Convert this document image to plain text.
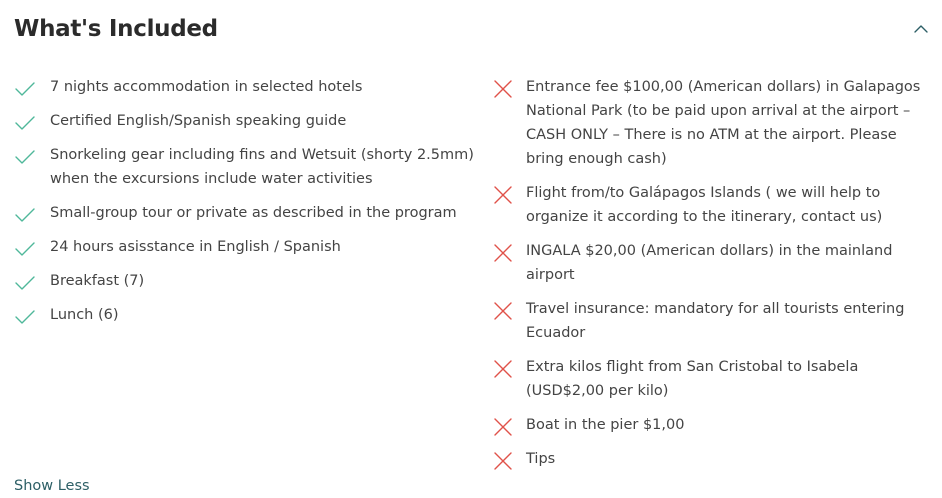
What's Included
7 nights accommodation in selected hotels
Certified English/Spanish speaking guide
Snorkeling gear including fins and Wetsuit (shorty 2.5mm) when the excursions include water activities
Small-group tour or private as described in the program
24 hours asisstance in English / Spanish
Breakfast (7)
Lunch (6)
Entrance fee $100,00 (American dollars) in Galapagos National Park (to be paid upon arrival at the airport – CASH ONLY – There is no ATM at the airport. Please bring enough cash)
Flight from/to Galápagos Islands ( we will help to organize it according to the itinerary, contact us)
INGALA $20,00 (American dollars) in the mainland airport
Travel insurance: mandatory for all tourists entering Ecuador
Extra kilos flight from San Cristobal to Isabela (USD$2,00 per kilo)
Boat in the pier $1,00
Tips
Show Less
